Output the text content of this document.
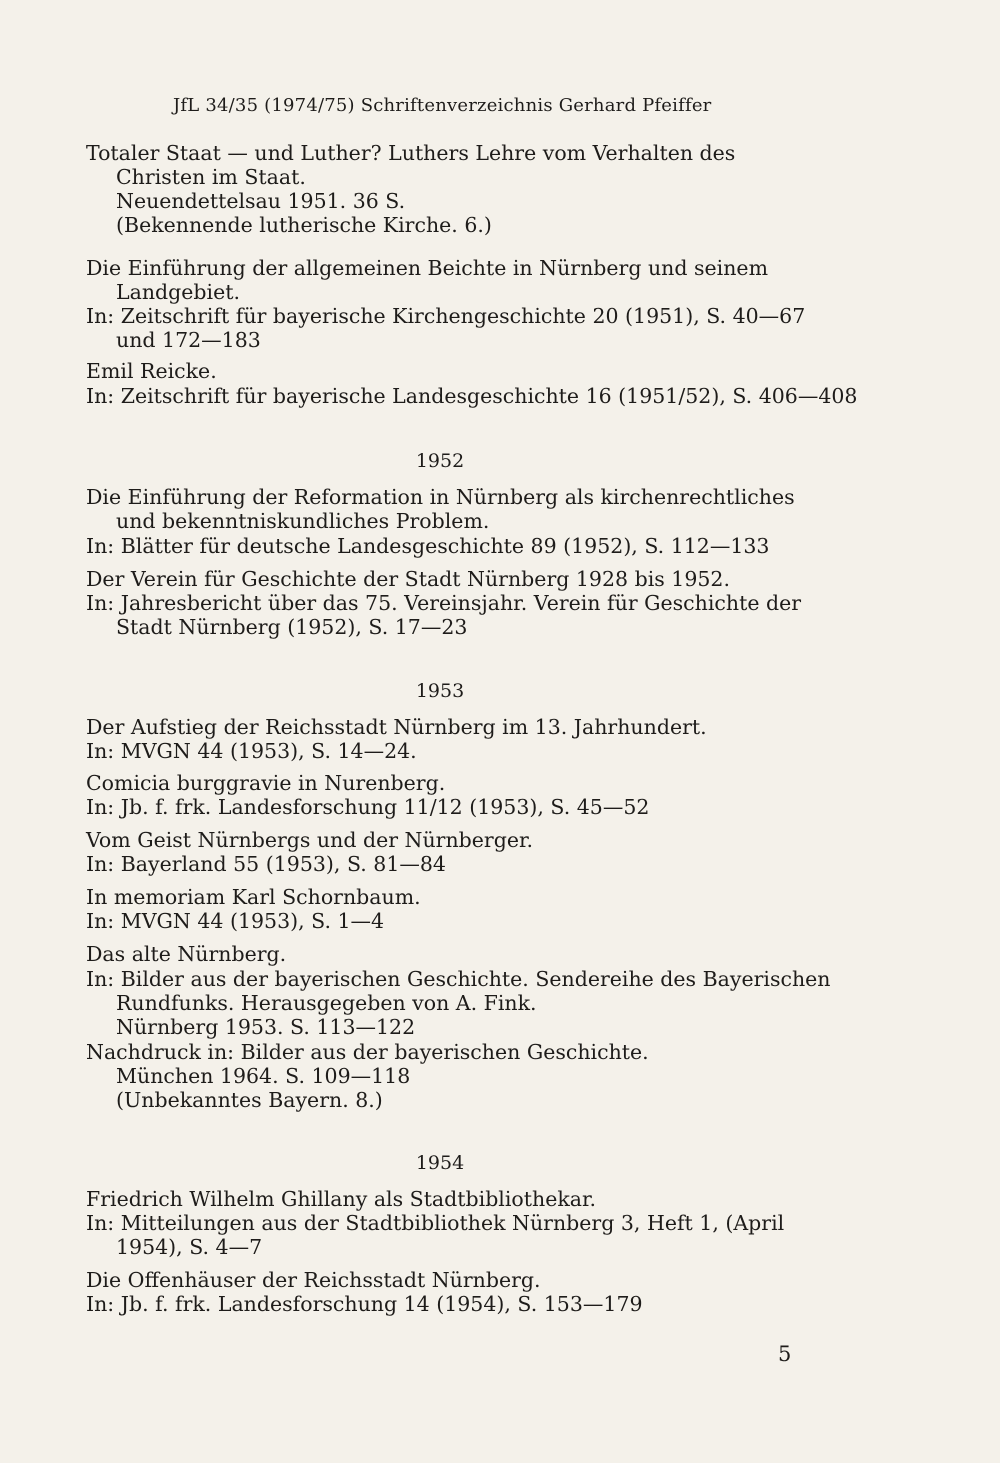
JfL 34/35 (1974/75) Schriftenverzeichnis Gerhard Pfeiffer
Totaler Staat — und Luther? Luthers Lehre vom Verhalten des
Christen im Staat.
Neuendettelsau 1951. 36 S.
(Bekennende lutherische Kirche. 6.)
Die Einführung der allgemeinen Beichte in Nürnberg und seinem
Landgebiet.
In: Zeitschrift für bayerische Kirchengeschichte 20 (1951), S. 40—67
und 172—183
Emil Reicke.
In: Zeitschrift für bayerische Landesgeschichte 16 (1951/52), S. 406—408
1952
Die Einführung der Reformation in Nürnberg als kirchenrechtliches
und bekenntniskundliches Problem.
In: Blätter für deutsche Landesgeschichte 89 (1952), S. 112—133
Der Verein für Geschichte der Stadt Nürnberg 1928 bis 1952.
In: Jahresbericht über das 75. Vereinsjahr. Verein für Geschichte der
Stadt Nürnberg (1952), S. 17—23
1953
Der Aufstieg der Reichsstadt Nürnberg im 13. Jahrhundert.
In: MVGN 44 (1953), S. 14—24.
Comicia burggravie in Nurenberg.
In: Jb. f. frk. Landesforschung 11/12 (1953), S. 45—52
Vom Geist Nürnbergs und der Nürnberger.
In: Bayerland 55 (1953), S. 81—84
In memoriam Karl Schornbaum.
In: MVGN 44 (1953), S. 1—4
Das alte Nürnberg.
In: Bilder aus der bayerischen Geschichte. Sendereihe des Bayerischen
Rundfunks. Herausgegeben von A. Fink.
Nürnberg 1953. S. 113—122
Nachdruck in: Bilder aus der bayerischen Geschichte.
München 1964. S. 109—118
(Unbekanntes Bayern. 8.)
1954
Friedrich Wilhelm Ghillany als Stadtbibliothekar.
In: Mitteilungen aus der Stadtbibliothek Nürnberg 3, Heft 1, (April
1954), S. 4—7
Die Offenhäuser der Reichsstadt Nürnberg.
In: Jb. f. frk. Landesforschung 14 (1954), S. 153—179
5
